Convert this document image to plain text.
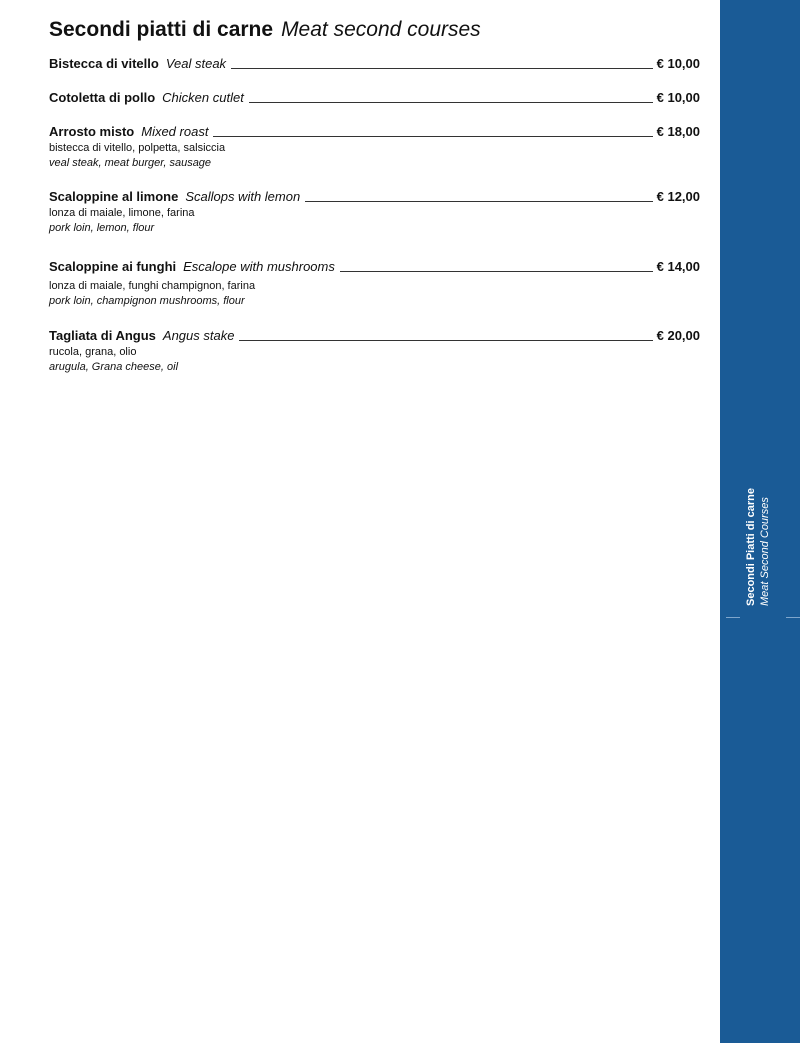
Secondi piatti di carne Meat second courses
Bistecca di vitello Veal steak	€ 10,00
Cotoletta di pollo Chicken cutlet	€ 10,00
Arrosto misto Mixed roast	€ 18,00
bistecca di vitello, polpetta, salsiccia
veal steak, meat burger, sausage
Scaloppine al limone Scallops with lemon	€ 12,00
lonza di maiale, limone, farina
pork loin, lemon, flour
Scaloppine ai funghi Escalope with mushrooms	€ 14,00
lonza di maiale, funghi champignon, farina
pork loin, champignon mushrooms, flour
Tagliata di Angus Angus stake	€ 20,00
rucola, grana, olio
arugula, Grana cheese, oil
Secondi Piatti di carne Meat Second Courses
